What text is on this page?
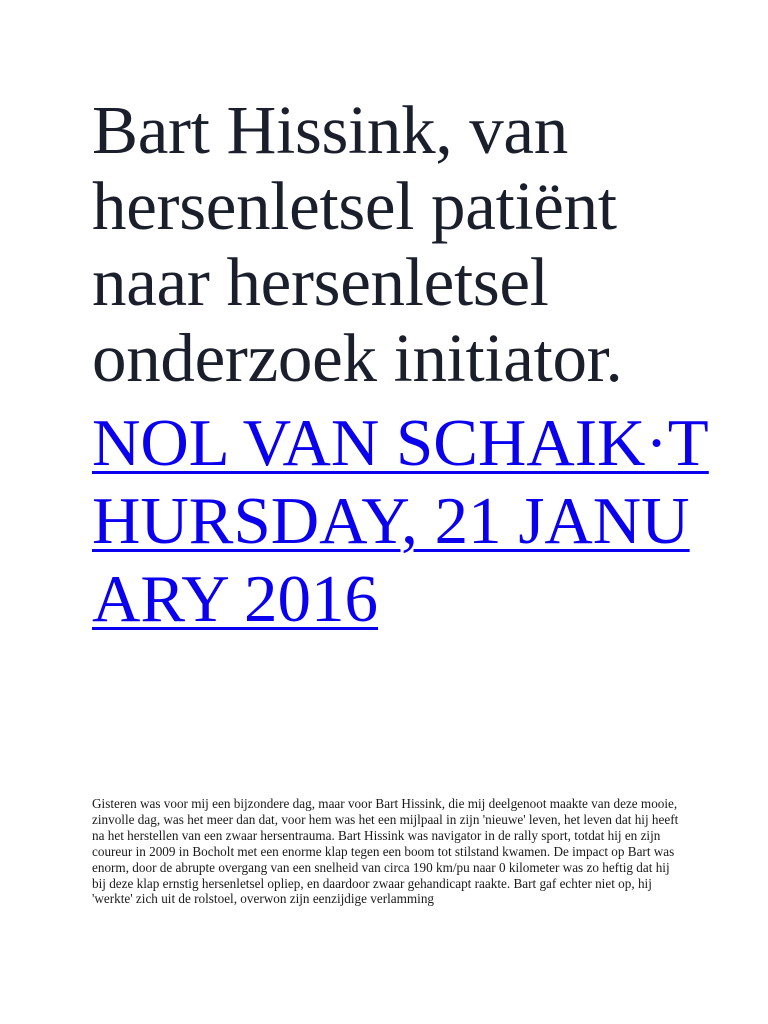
Bart Hissink, van hersenletsel patiënt naar hersenletsel onderzoek initiator.

NOL VAN SCHAIK·THURSDAY, 21 JANUARY 2016

Gisteren was voor mij een bijzondere dag, maar voor Bart Hissink, die mij deelgenoot maakte van deze mooie, zinvolle dag, was het meer dan dat, voor hem was het een mijlpaal in zijn 'nieuwe' leven, het leven dat hij heeft na het herstellen van een zwaar hersentrauma. Bart Hissink was navigator in de rally sport, totdat hij en zijn coureur in 2009 in Bocholt met een enorme klap tegen een boom tot stilstand kwamen. De impact op Bart was enorm, door de abrupte overgang van een snelheid van circa 190 km/pu naar 0 kilometer was zo heftig dat hij bij deze klap ernstig hersenletsel opliep, en daardoor zwaar gehandicapt raakte. Bart gaf echter niet op, hij 'werkte' zich uit de rolstoel, overwon zijn eenzijdige verlamming
